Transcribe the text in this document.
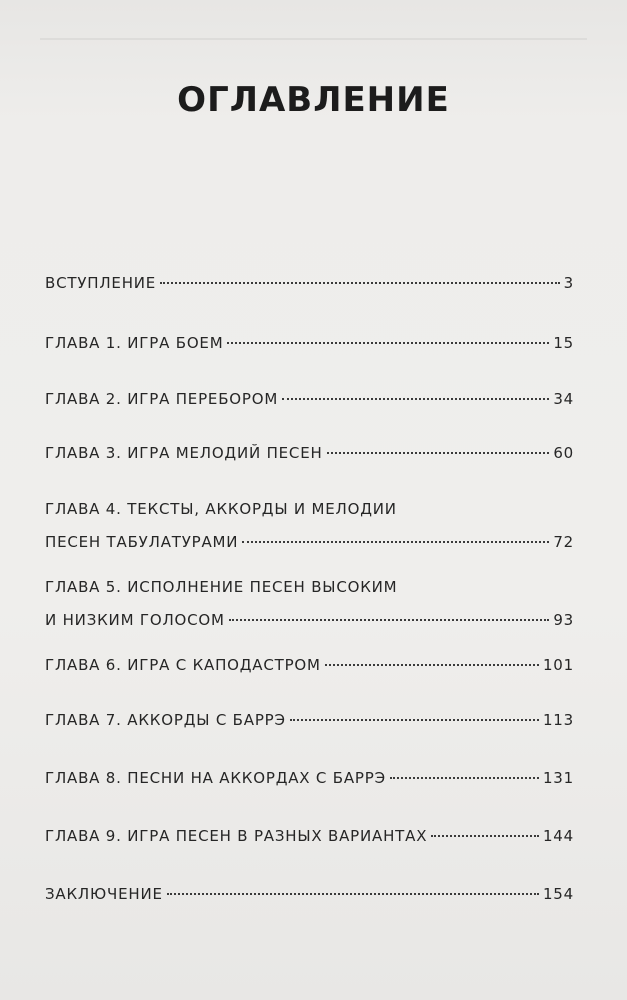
ОГЛАВЛЕНИЕ
ВСТУПЛЕНИЕ	3
ГЛАВА 1. ИГРА БОЕМ	15
ГЛАВА 2. ИГРА ПЕРЕБОРОМ	34
ГЛАВА 3. ИГРА МЕЛОДИЙ ПЕСЕН	60
ГЛАВА 4. ТЕКСТЫ, АККОРДЫ И МЕЛОДИИ
ПЕСЕН ТАБУЛАТУРАМИ	72
ГЛАВА 5. ИСПОЛНЕНИЕ ПЕСЕН ВЫСОКИМ
И НИЗКИМ ГОЛОСОМ	93
ГЛАВА 6. ИГРА С КАПОДАСТРОМ	101
ГЛАВА 7. АККОРДЫ С БАРРЭ	113
ГЛАВА 8. ПЕСНИ НА АККОРДАХ С БАРРЭ	131
ГЛАВА 9. ИГРА ПЕСЕН В РАЗНЫХ ВАРИАНТАХ	144
ЗАКЛЮЧЕНИЕ	154
